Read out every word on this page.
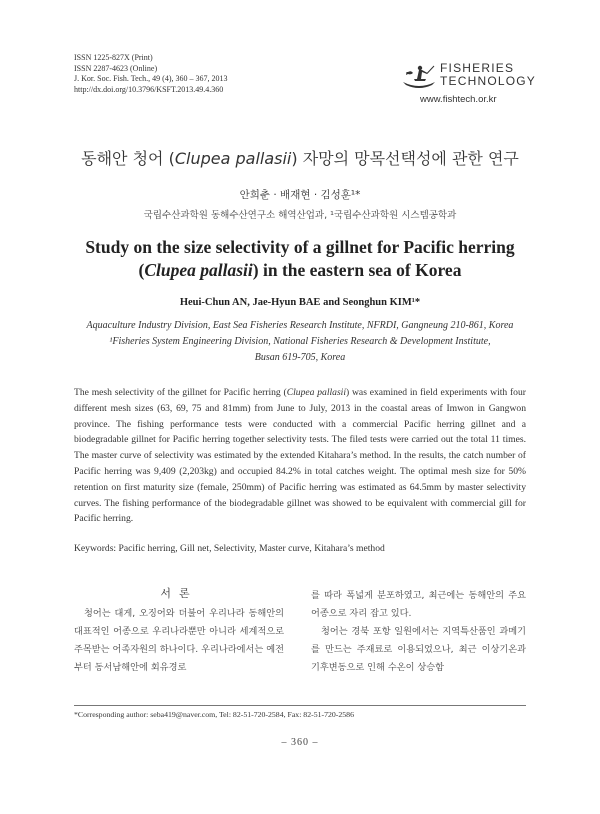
ISSN 1225-827X (Print)
ISSN 2287-4623 (Online)
J. Kor. Soc. Fish. Tech., 49 (4), 360 – 367, 2013
http://dx.doi.org/10.3796/KSFT.2013.49.4.360
FISHERIES
TECHNOLOGY
www.fishtech.or.kr
동해안 청어 (Clupea pallasii) 자망의 망목선택성에 관한 연구
안희춘 · 배재현 · 김성훈¹*
국립수산과학원 동해수산연구소 해역산업과, ¹국립수산과학원 시스템공학과
Study on the size selectivity of a gillnet for Pacific herring
(Clupea pallasii) in the eastern sea of Korea
Heui-Chun AN, Jae-Hyun BAE and Seonghun KIM¹*
Aquaculture Industry Division, East Sea Fisheries Research Institute, NFRDI, Gangneung 210-861, Korea
¹Fisheries System Engineering Division, National Fisheries Research & Development Institute,
Busan 619-705, Korea
The mesh selectivity of the gillnet for Pacific herring (Clupea pallasii) was examined in field experiments with four different mesh sizes (63, 69, 75 and 81mm) from June to July, 2013 in the coastal areas of Imwon in Gangwon province. The fishing performance tests were conducted with a commercial Pacific herring gillnet and a biodegradable gillnet for Pacific herring together selectivity tests. The filed tests were carried out the total 11 times. The master curve of selectivity was estimated by the extended Kitahara’s method. In the results, the catch number of Pacific herring was 9,409 (2,203kg) and occupied 84.2% in total catches weight. The optimal mesh size for 50% retention on first maturity size (female, 250mm) of Pacific herring was estimated as 64.5mm by master selectivity curves. The fishing performance of the biodegradable gillnet was showed to be equivalent with commercial gill for Pacific herring.
Keywords: Pacific herring, Gill net, Selectivity, Master curve, Kitahara’s method
서론

청어는 대게, 오징어와 더불어 우리나라 동해안의 대표적인 어종으로 우리나라뿐만 아니라 세계적으로 주목받는 어족자원의 하나이다. 우리나라에서는 예전부터 동서남해안에 회유경로

를 따라 폭넓게 분포하였고, 최근에는 동해안의 주요어종으로 자리 잡고 있다.

청어는 경북 포항 일원에서는 지역특산품인 과메기를 만드는 주재료로 이용되었으나, 최근 이상기온과 기후변동으로 인해 수온이 상승함

*Corresponding author: seba419@naver.com, Tel: 82-51-720-2584, Fax: 82-51-720-2586
– 360 –
